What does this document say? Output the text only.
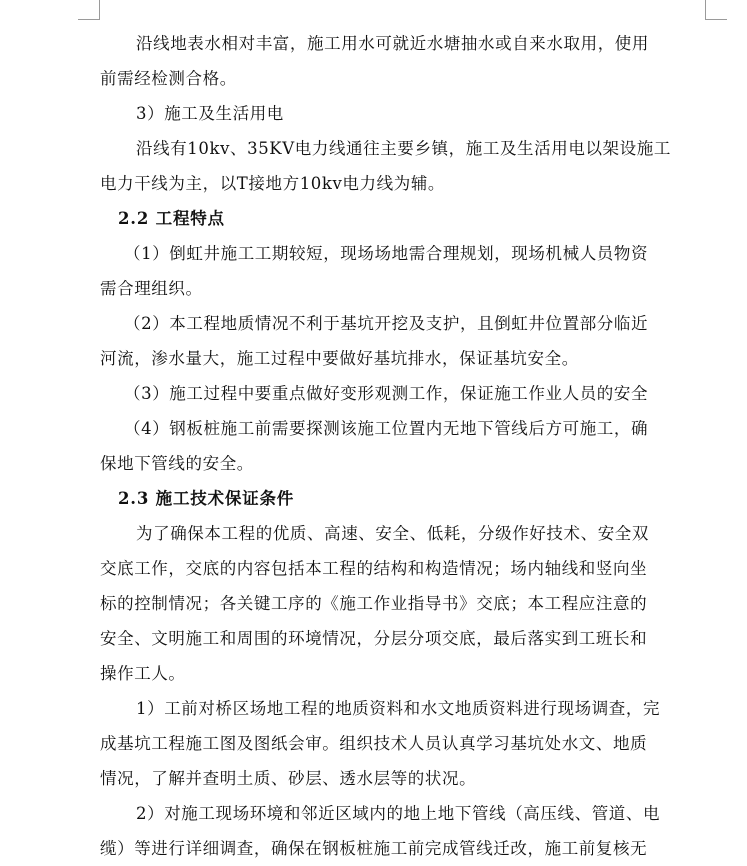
沿线地表水相对丰富，施工用水可就近水塘抽水或自来水取用，使用
前需经检测合格。
3）施工及生活用电
沿线有10kv、35KV电力线通往主要乡镇，施工及生活用电以架设施工
电力干线为主，以T接地方10kv电力线为辅。
2.2 工程特点
（1）倒虹井施工工期较短，现场场地需合理规划，现场机械人员物资
需合理组织。
（2）本工程地质情况不利于基坑开挖及支护，且倒虹井位置部分临近
河流，渗水量大，施工过程中要做好基坑排水，保证基坑安全。
（3）施工过程中要重点做好变形观测工作，保证施工作业人员的安全
（4）钢板桩施工前需要探测该施工位置内无地下管线后方可施工，确
保地下管线的安全。
2.3 施工技术保证条件
为了确保本工程的优质、高速、安全、低耗，分级作好技术、安全双
交底工作，交底的内容包括本工程的结构和构造情况；场内轴线和竖向坐
标的控制情况；各关键工序的《施工作业指导书》交底；本工程应注意的
安全、文明施工和周围的环境情况，分层分项交底，最后落实到工班长和
操作工人。
1）工前对桥区场地工程的地质资料和水文地质资料进行现场调查，完
成基坑工程施工图及图纸会审。组织技术人员认真学习基坑处水文、地质
情况，了解并查明土质、砂层、透水层等的状况。
2）对施工现场环境和邻近区域内的地上地下管线（高压线、管道、电
缆）等进行详细调查，确保在钢板桩施工前完成管线迁改，施工前复核无
